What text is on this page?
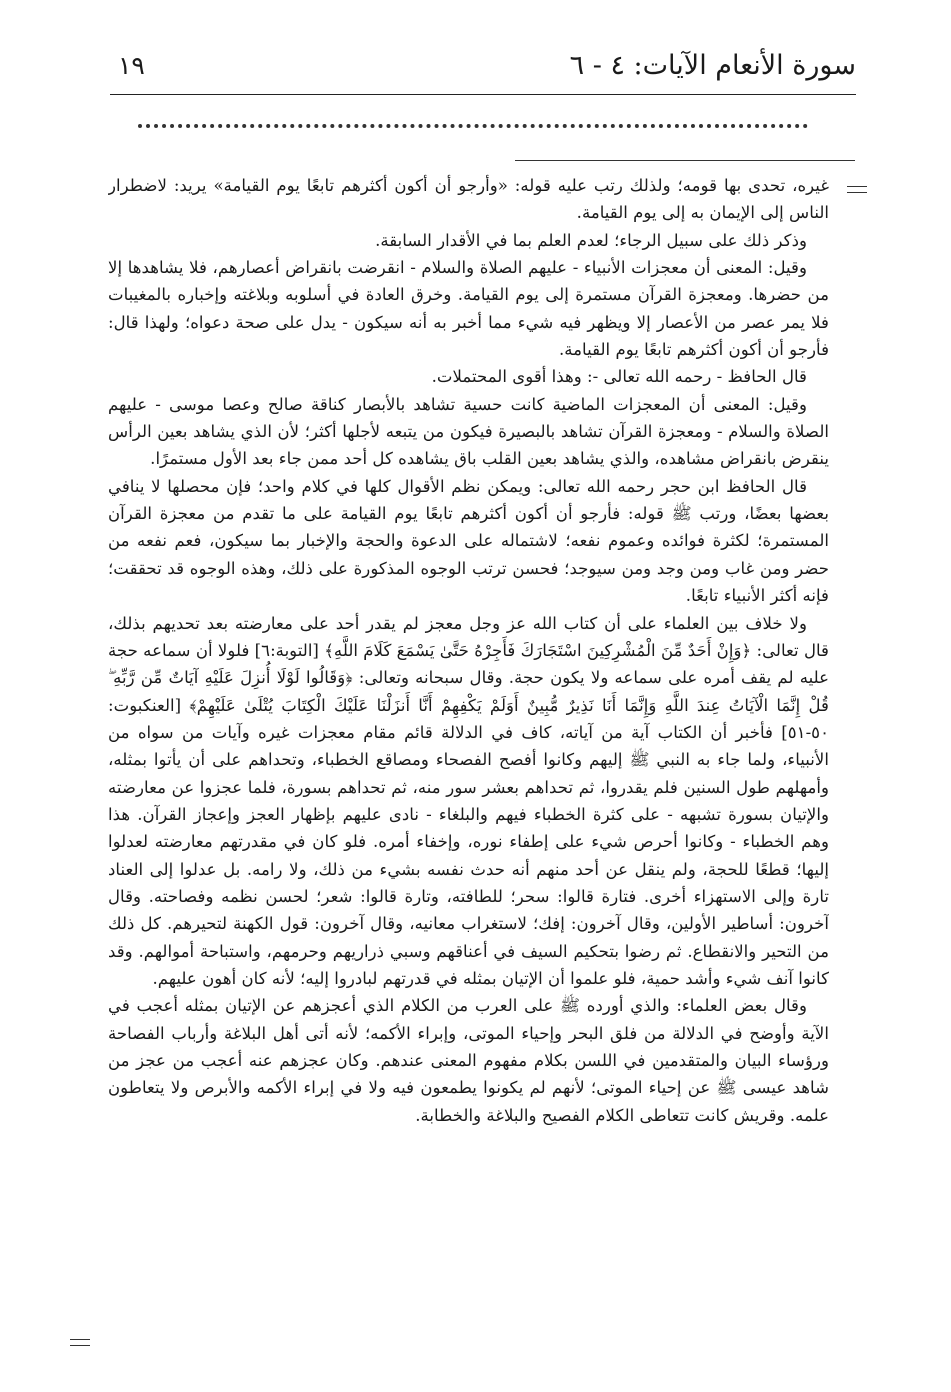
سورة الأنعام الآيات: ٤ - ٦
١٩

غيره، تحدى بها قومه؛ ولذلك رتب عليه قوله: «وأرجو أن أكون أكثرهم تابعًا يوم القيامة» يريد: لاضطرار الناس إلى الإيمان به إلى يوم القيامة.

وذكر ذلك على سبيل الرجاء؛ لعدم العلم بما في الأقدار السابقة.

وقيل: المعنى أن معجزات الأنبياء - عليهم الصلاة والسلام - انقرضت بانقراض أعصارهم، فلا يشاهدها إلا من حضرها. ومعجزة القرآن مستمرة إلى يوم القيامة. وخرق العادة في أسلوبه وبلاغته وإخباره بالمغيبات فلا يمر عصر من الأعصار إلا ويظهر فيه شيء مما أخبر به أنه سيكون - يدل على صحة دعواه؛ ولهذا قال: فأرجو أن أكون أكثرهم تابعًا يوم القيامة.

قال الحافظ - رحمه الله تعالى -: وهذا أقوى المحتملات.

وقيل: المعنى أن المعجزات الماضية كانت حسية تشاهد بالأبصار كناقة صالح وعصا موسى - عليهم الصلاة والسلام - ومعجزة القرآن تشاهد بالبصيرة فيكون من يتبعه لأجلها أكثر؛ لأن الذي يشاهد بعين الرأس ينقرض بانقراض مشاهده، والذي يشاهد بعين القلب باق يشاهده كل أحد ممن جاء بعد الأول مستمرًا.

قال الحافظ ابن حجر رحمه الله تعالى: ويمكن نظم الأقوال كلها في كلام واحد؛ فإن محصلها لا ينافي بعضها بعضًا، ورتب ﷺ قوله: فأرجو أن أكون أكثرهم تابعًا يوم القيامة على ما تقدم من معجزة القرآن المستمرة؛ لكثرة فوائده وعموم نفعه؛ لاشتماله على الدعوة والحجة والإخبار بما سيكون، فعم نفعه من حضر ومن غاب ومن وجد ومن سيوجد؛ فحسن ترتب الوجوه المذكورة على ذلك، وهذه الوجوه قد تحققت؛ فإنه أكثر الأنبياء تابعًا.

ولا خلاف بين العلماء على أن كتاب الله عز وجل معجز لم يقدر أحد على معارضته بعد تحديهم بذلك، قال تعالى: ﴿وَإِنْ أَحَدٌ مِّنَ الْمُشْرِكِينَ اسْتَجَارَكَ فَأَجِرْهُ حَتَّىٰ يَسْمَعَ كَلَامَ اللَّهِ﴾ [التوبة:٦] فلولا أن سماعه حجة عليه لم يقف أمره على سماعه ولا يكون حجة. وقال سبحانه وتعالى: ﴿وَقَالُوا لَوْلَا أُنزِلَ عَلَيْهِ آيَاتٌ مِّن رَّبِّهِ ۖ قُلْ إِنَّمَا الْآيَاتُ عِندَ اللَّهِ وَإِنَّمَا أَنَا نَذِيرٌ مُّبِينٌ أَوَلَمْ يَكْفِهِمْ أَنَّا أَنزَلْنَا عَلَيْكَ الْكِتَابَ يُتْلَىٰ عَلَيْهِمْ﴾ [العنكبوت: ٥٠-٥١] فأخبر أن الكتاب آية من آياته، كاف في الدلالة قائم مقام معجزات غيره وآيات من سواه من الأنبياء، ولما جاء به النبي ﷺ إليهم وكانوا أفصح الفصحاء ومصاقع الخطباء، وتحداهم على أن يأتوا بمثله، وأمهلهم طول السنين فلم يقدروا، ثم تحداهم بعشر سور منه، ثم تحداهم بسورة، فلما عجزوا عن معارضته والإتيان بسورة تشبهه - على كثرة الخطباء فيهم والبلغاء - نادى عليهم بإظهار العجز وإعجاز القرآن. هذا وهم الخطباء - وكانوا أحرص شيء على إطفاء نوره، وإخفاء أمره. فلو كان في مقدرتهم معارضته لعدلوا إليها؛ قطعًا للحجة، ولم ينقل عن أحد منهم أنه حدث نفسه بشيء من ذلك، ولا رامه. بل عدلوا إلى العناد تارة وإلى الاستهزاء أخرى. فتارة قالوا: سحر؛ للطافته، وتارة قالوا: شعر؛ لحسن نظمه وفصاحته. وقال آخرون: أساطير الأولين، وقال آخرون: إفك؛ لاستغراب معانيه، وقال آخرون: قول الكهنة لتحيرهم. كل ذلك من التحير والانقطاع. ثم رضوا بتحكيم السيف في أعناقهم وسبي ذراريهم وحرمهم، واستباحة أموالهم. وقد كانوا آنف شيء وأشد حمية، فلو علموا أن الإتيان بمثله في قدرتهم لبادروا إليه؛ لأنه كان أهون عليهم.

وقال بعض العلماء: والذي أورده ﷺ على العرب من الكلام الذي أعجزهم عن الإتيان بمثله أعجب في الآية وأوضح في الدلالة من فلق البحر وإحياء الموتى، وإبراء الأكمه؛ لأنه أتى أهل البلاغة وأرباب الفصاحة ورؤساء البيان والمتقدمين في اللسن بكلام مفهوم المعنى عندهم. وكان عجزهم عنه أعجب من عجز من شاهد عيسى ﷺ عن إحياء الموتى؛ لأنهم لم يكونوا يطمعون فيه ولا في إبراء الأكمه والأبرص ولا يتعاطون علمه. وقريش كانت تتعاطى الكلام الفصيح والبلاغة والخطابة.
